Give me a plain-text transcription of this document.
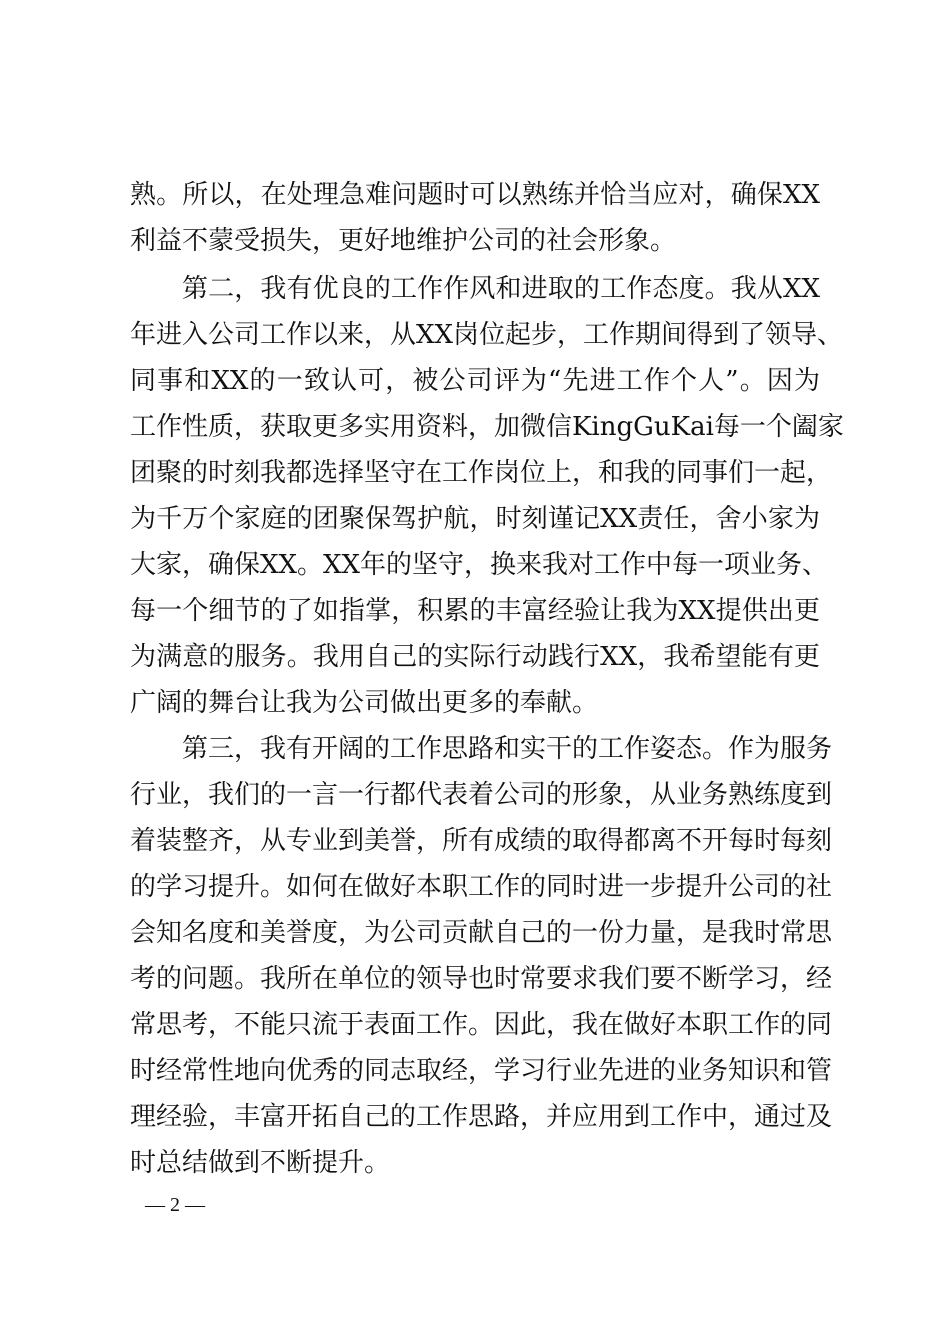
熟。所以，在处理急难问题时可以熟练并恰当应对，确保XX
利益不蒙受损失，更好地维护公司的社会形象。
第二，我有优良的工作作风和进取的工作态度。我从XX
年进入公司工作以来，从XX岗位起步，工作期间得到了领导、
同事和XX的一致认可，被公司评为“先进工作个人”。因为
工作性质，获取更多实用资料，加微信KingGuKai每一个阖家
团聚的时刻我都选择坚守在工作岗位上，和我的同事们一起，
为千万个家庭的团聚保驾护航，时刻谨记XX责任，舍小家为
大家，确保XX。XX年的坚守，换来我对工作中每一项业务、
每一个细节的了如指掌，积累的丰富经验让我为XX提供出更
为满意的服务。我用自己的实际行动践行XX，我希望能有更
广阔的舞台让我为公司做出更多的奉献。
第三，我有开阔的工作思路和实干的工作姿态。作为服务
行业，我们的一言一行都代表着公司的形象，从业务熟练度到
着装整齐，从专业到美誉，所有成绩的取得都离不开每时每刻
的学习提升。如何在做好本职工作的同时进一步提升公司的社
会知名度和美誉度，为公司贡献自己的一份力量，是我时常思
考的问题。我所在单位的领导也时常要求我们要不断学习，经
常思考，不能只流于表面工作。因此，我在做好本职工作的同
时经常性地向优秀的同志取经，学习行业先进的业务知识和管
理经验，丰富开拓自己的工作思路，并应用到工作中，通过及
时总结做到不断提升。
— 2 —
